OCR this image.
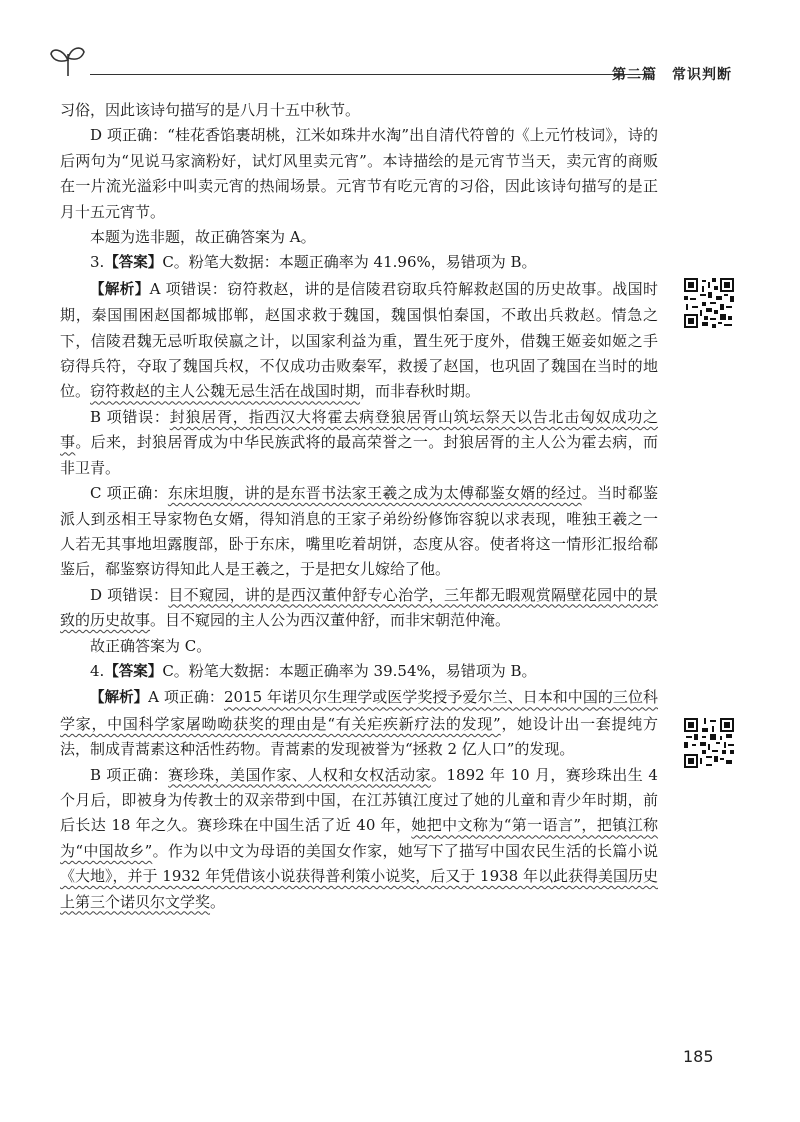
第二篇　常识判断

习俗，因此该诗句描写的是八月十五中秋节。

D 项正确：“桂花香馅裹胡桃，江米如珠井水淘”出自清代符曾的《上元竹枝词》，诗的后两句为“见说马家滴粉好，试灯风里卖元宵”。本诗描绘的是元宵节当天，卖元宵的商贩在一片流光溢彩中叫卖元宵的热闹场景。元宵节有吃元宵的习俗，因此该诗句描写的是正月十五元宵节。

本题为选非题，故正确答案为 A。

3.【答案】C。粉笔大数据：本题正确率为 41.96%，易错项为 B。

【解析】A 项错误：窃符救赵，讲的是信陵君窃取兵符解救赵国的历史故事。战国时期，秦国围困赵国都城邯郸，赵国求救于魏国，魏国惧怕秦国，不敢出兵救赵。情急之下，信陵君魏无忌听取侯嬴之计，以国家利益为重，置生死于度外，借魏王姬妾如姬之手窃得兵符，夺取了魏国兵权，不仅成功击败秦军，救援了赵国，也巩固了魏国在当时的地位。窃符救赵的主人公魏无忌生活在战国时期，而非春秋时期。

B 项错误：封狼居胥，指西汉大将霍去病登狼居胥山筑坛祭天以告北击匈奴成功之事。后来，封狼居胥成为中华民族武将的最高荣誉之一。封狼居胥的主人公为霍去病，而非卫青。

C 项正确：东床坦腹，讲的是东晋书法家王羲之成为太傅郗鉴女婿的经过。当时郗鉴派人到丞相王导家物色女婿，得知消息的王家子弟纷纷修饰容貌以求表现，唯独王羲之一人若无其事地坦露腹部，卧于东床，嘴里吃着胡饼，态度从容。使者将这一情形汇报给郗鉴后，郗鉴察访得知此人是王羲之，于是把女儿嫁给了他。

D 项错误：目不窥园，讲的是西汉董仲舒专心治学，三年都无暇观赏隔壁花园中的景致的历史故事。目不窥园的主人公为西汉董仲舒，而非宋朝范仲淹。

故正确答案为 C。

4.【答案】C。粉笔大数据：本题正确率为 39.54%，易错项为 B。

【解析】A 项正确：2015 年诺贝尔生理学或医学奖授予爱尔兰、日本和中国的三位科学家，中国科学家屠呦呦获奖的理由是“有关疟疾新疗法的发现”，她设计出一套提纯方法，制成青蒿素这种活性药物。青蒿素的发现被誉为“拯救 2 亿人口”的发现。

B 项正确：赛珍珠，美国作家、人权和女权活动家。1892 年 10 月，赛珍珠出生 4 个月后，即被身为传教士的双亲带到中国，在江苏镇江度过了她的儿童和青少年时期，前后长达 18 年之久。赛珍珠在中国生活了近 40 年，她把中文称为“第一语言”，把镇江称为“中国故乡”。作为以中文为母语的美国女作家，她写下了描写中国农民生活的长篇小说《大地》，并于 1932 年凭借该小说获得普利策小说奖，后又于 1938 年以此获得美国历史上第三个诺贝尔文学奖。

185
